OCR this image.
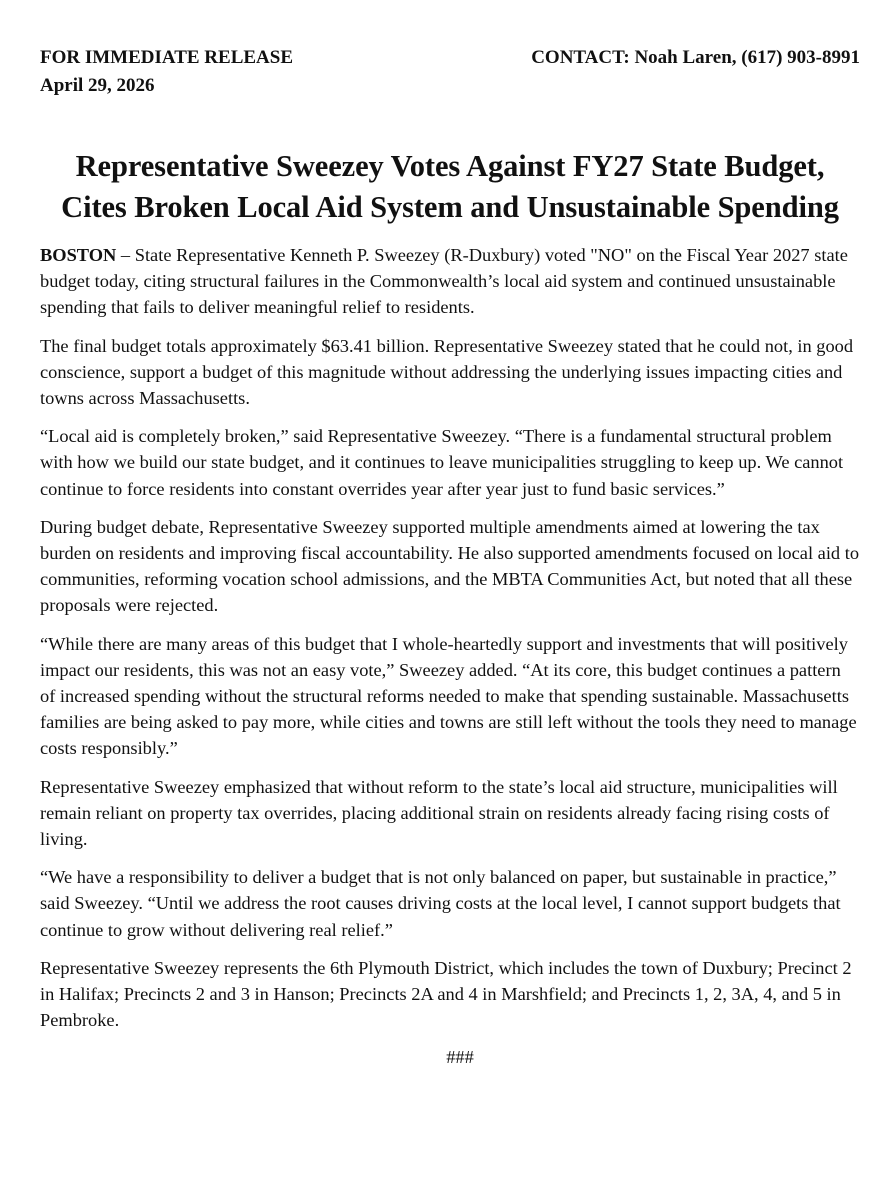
FOR IMMEDIATE RELEASE
April 29, 2026
CONTACT: Noah Laren, (617) 903-8991
Representative Sweezey Votes Against FY27 State Budget,
Cites Broken Local Aid System and Unsustainable Spending

BOSTON – State Representative Kenneth P. Sweezey (R-Duxbury) voted "NO" on the Fiscal Year 2027 state budget today, citing structural failures in the Commonwealth’s local aid system and continued unsustainable spending that fails to deliver meaningful relief to residents.

The final budget totals approximately $63.41 billion. Representative Sweezey stated that he could not, in good conscience, support a budget of this magnitude without addressing the underlying issues impacting cities and towns across Massachusetts.

“Local aid is completely broken,” said Representative Sweezey. “There is a fundamental structural problem with how we build our state budget, and it continues to leave municipalities struggling to keep up. We cannot continue to force residents into constant overrides year after year just to fund basic services.”

During budget debate, Representative Sweezey supported multiple amendments aimed at lowering the tax burden on residents and improving fiscal accountability. He also supported amendments focused on local aid to communities, reforming vocation school admissions, and the MBTA Communities Act, but noted that all these proposals were rejected.

“While there are many areas of this budget that I whole-heartedly support and investments that will positively impact our residents, this was not an easy vote,” Sweezey added. “At its core, this budget continues a pattern of increased spending without the structural reforms needed to make that spending sustainable. Massachusetts families are being asked to pay more, while cities and towns are still left without the tools they need to manage costs responsibly.”

Representative Sweezey emphasized that without reform to the state’s local aid structure, municipalities will remain reliant on property tax overrides, placing additional strain on residents already facing rising costs of living.

“We have a responsibility to deliver a budget that is not only balanced on paper, but sustainable in practice,” said Sweezey. “Until we address the root causes driving costs at the local level, I cannot support budgets that continue to grow without delivering real relief.”

Representative Sweezey represents the 6th Plymouth District, which includes the town of Duxbury; Precinct 2 in Halifax; Precincts 2 and 3 in Hanson; Precincts 2A and 4 in Marshfield; and Precincts 1, 2, 3A, 4, and 5 in Pembroke.

###
